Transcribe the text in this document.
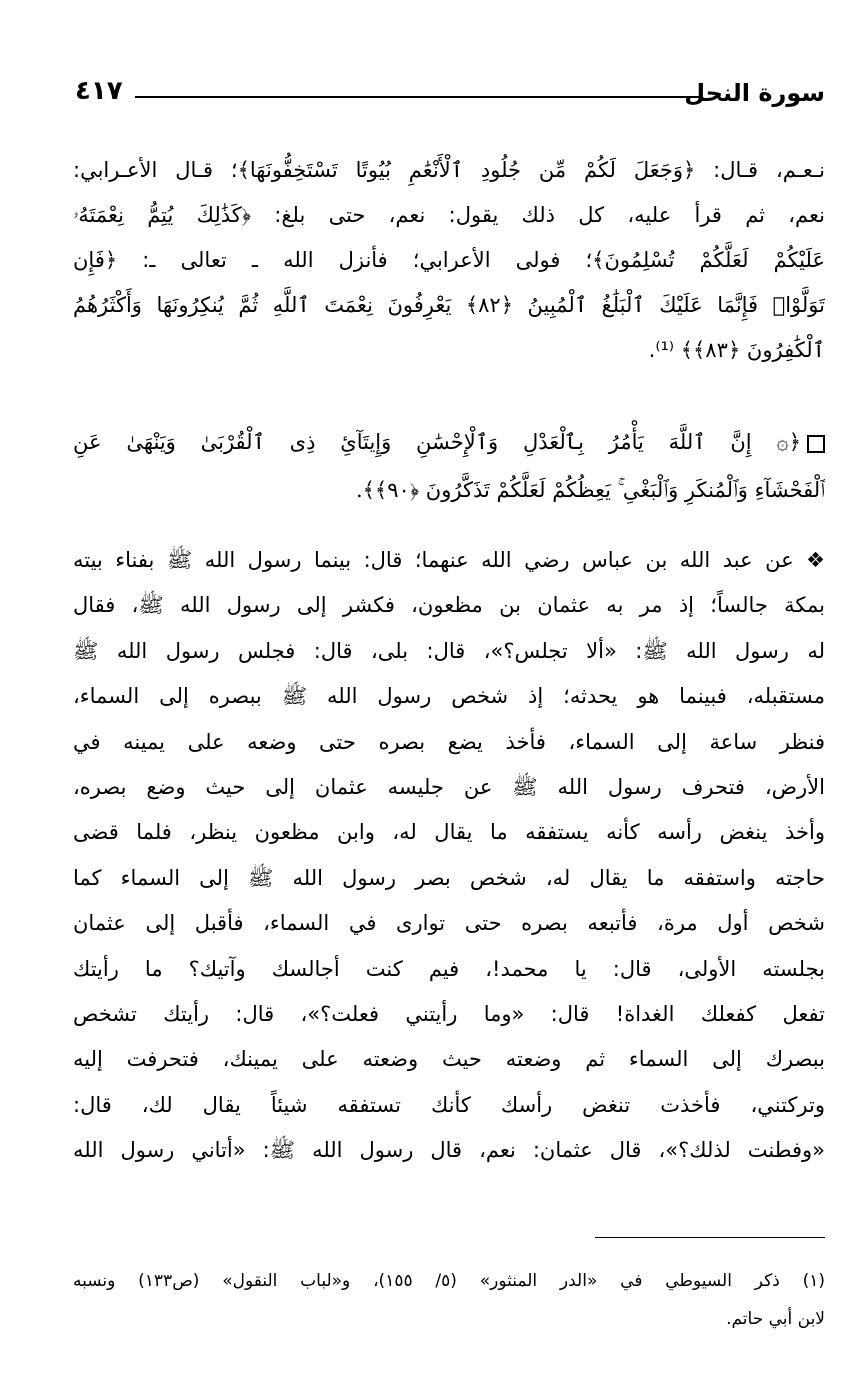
سورة النحل
٤١٧
نـعـم، قـال: ﴿وَجَعَلَ لَكُمْ مِّن جُلُودِ ٱلْأَنْعَٰمِ بُيُوتًا تَسْتَخِفُّونَهَا﴾؛ قـال الأعـرابي:
نعم، ثم قرأ عليه، كل ذلك يقول: نعم، حتى بلغ: ﴿كَذَٰلِكَ يُتِمُّ نِعْمَتَهُۥ
عَلَيْكُمْ لَعَلَّكُمْ تُسْلِمُونَ﴾؛ فولى الأعرابي؛ فأنزل الله ـ تعالى ـ: ﴿فَإِن
تَوَلَّوْا۟ فَإِنَّمَا عَلَيْكَ ٱلْبَلَٰغُ ٱلْمُبِينُ ﴿٨٢﴾ يَعْرِفُونَ نِعْمَتَ ٱللَّهِ ثُمَّ يُنكِرُونَهَا وَأَكْثَرُهُمُ
ٱلْكَٰفِرُونَ ﴿٨٣﴾﴾ ⁽¹⁾.
﴿۞ إِنَّ ٱللَّهَ يَأْمُرُ بِٱلْعَدْلِ وَٱلْإِحْسَٰنِ وَإِيتَآئِ ذِى ٱلْقُرْبَىٰ وَيَنْهَىٰ عَنِ
ٱلْفَحْشَآءِ وَٱلْمُنكَرِ وَٱلْبَغْىِ ۚ يَعِظُكُمْ لَعَلَّكُمْ تَذَكَّرُونَ ﴿٩٠﴾﴾.
❖ عن عبد الله بن عباس رضي الله عنهما؛ قال: بينما رسول الله ﷺ بفناء بيته
بمكة جالساً؛ إذ مر به عثمان بن مظعون، فكشر إلى رسول الله ﷺ، فقال
له رسول الله ﷺ: «ألا تجلس؟»، قال: بلى، قال: فجلس رسول الله ﷺ
مستقبله، فبينما هو يحدثه؛ إذ شخص رسول الله ﷺ ببصره إلى السماء،
فنظر ساعة إلى السماء، فأخذ يضع بصره حتى وضعه على يمينه في
الأرض، فتحرف رسول الله ﷺ عن جليسه عثمان إلى حيث وضع بصره،
وأخذ ينغض رأسه كأنه يستفقه ما يقال له، وابن مظعون ينظر، فلما قضى
حاجته واستفقه ما يقال له، شخص بصر رسول الله ﷺ إلى السماء كما
شخص أول مرة، فأتبعه بصره حتى توارى في السماء، فأقبل إلى عثمان
بجلسته الأولى، قال: يا محمد!، فيم كنت أجالسك وآتيك؟ ما رأيتك
تفعل كفعلك الغداة! قال: «وما رأيتني فعلت؟»، قال: رأيتك تشخص
ببصرك إلى السماء ثم وضعته حيث وضعته على يمينك، فتحرفت إليه
وتركتني، فأخذت تنغض رأسك كأنك تستفقه شيئاً يقال لك، قال:
«وفطنت لذلك؟»، قال عثمان: نعم، قال رسول الله ﷺ: «أتاني رسول الله
(١) ذكر السيوطي في «الدر المنثور» (٥/ ١٥٥)، و«لباب النقول» (ص١٣٣) ونسبه
لابن أبي حاتم.
